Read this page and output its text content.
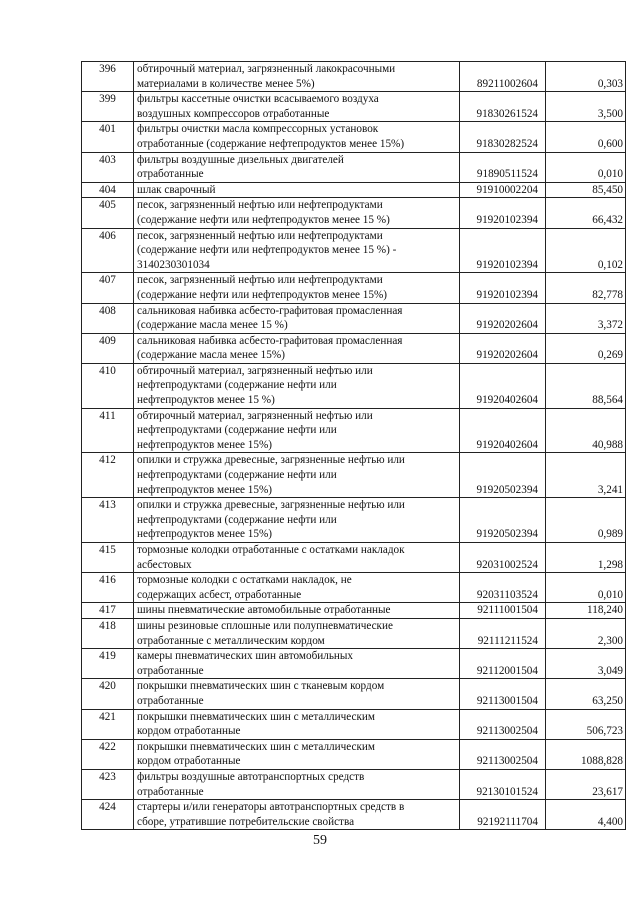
396	обтирочный материал, загрязненный лакокрасочными
материалами в количестве менее 5%)	89211002604	0,303
399	фильтры кассетные очистки всасываемого воздуха
воздушных компрессоров отработанные	91830261524	3,500
401	фильтры очистки масла компрессорных установок
отработанные (содержание нефтепродуктов менее 15%)	91830282524	0,600
403	фильтры воздушные дизельных двигателей
отработанные	91890511524	0,010
404	шлак сварочный	91910002204	85,450
405	песок, загрязненный нефтью или нефтепродуктами
(содержание нефти или нефтепродуктов менее 15 %)	91920102394	66,432
406	песок, загрязненный нефтью или нефтепродуктами
(содержание нефти или нефтепродуктов менее 15 %) -
3140230301034	91920102394	0,102
407	песок, загрязненный нефтью или нефтепродуктами
(содержание нефти или нефтепродуктов менее 15%)	91920102394	82,778
408	сальниковая набивка асбесто-графитовая промасленная
(содержание масла менее 15 %)	91920202604	3,372
409	сальниковая набивка асбесто-графитовая промасленная
(содержание масла менее 15%)	91920202604	0,269
410	обтирочный материал, загрязненный нефтью или
нефтепродуктами (содержание нефти или
нефтепродуктов менее 15 %)	91920402604	88,564
411	обтирочный материал, загрязненный нефтью или
нефтепродуктами (содержание нефти или
нефтепродуктов менее 15%)	91920402604	40,988
412	опилки и стружка древесные, загрязненные нефтью или
нефтепродуктами (содержание нефти или
нефтепродуктов менее 15%)	91920502394	3,241
413	опилки и стружка древесные, загрязненные нефтью или
нефтепродуктами (содержание нефти или
нефтепродуктов менее 15%)	91920502394	0,989
415	тормозные колодки отработанные с остатками накладок
асбестовых	92031002524	1,298
416	тормозные колодки с остатками накладок, не
содержащих асбест, отработанные	92031103524	0,010
417	шины пневматические автомобильные отработанные	92111001504	118,240
418	шины резиновые сплошные или полупневматические
отработанные с металлическим кордом	92111211524	2,300
419	камеры пневматических шин автомобильных
отработанные	92112001504	3,049
420	покрышки пневматических шин с тканевым кордом
отработанные	92113001504	63,250
421	покрышки пневматических шин с металлическим
кордом отработанные	92113002504	506,723
422	покрышки пневматических шин с металлическим
кордом отработанные	92113002504	1088,828
423	фильтры воздушные автотранспортных средств
отработанные	92130101524	23,617
424	стартеры и/или генераторы автотранспортных средств в
сборе, утратившие потребительские свойства	92192111704	4,400
59
